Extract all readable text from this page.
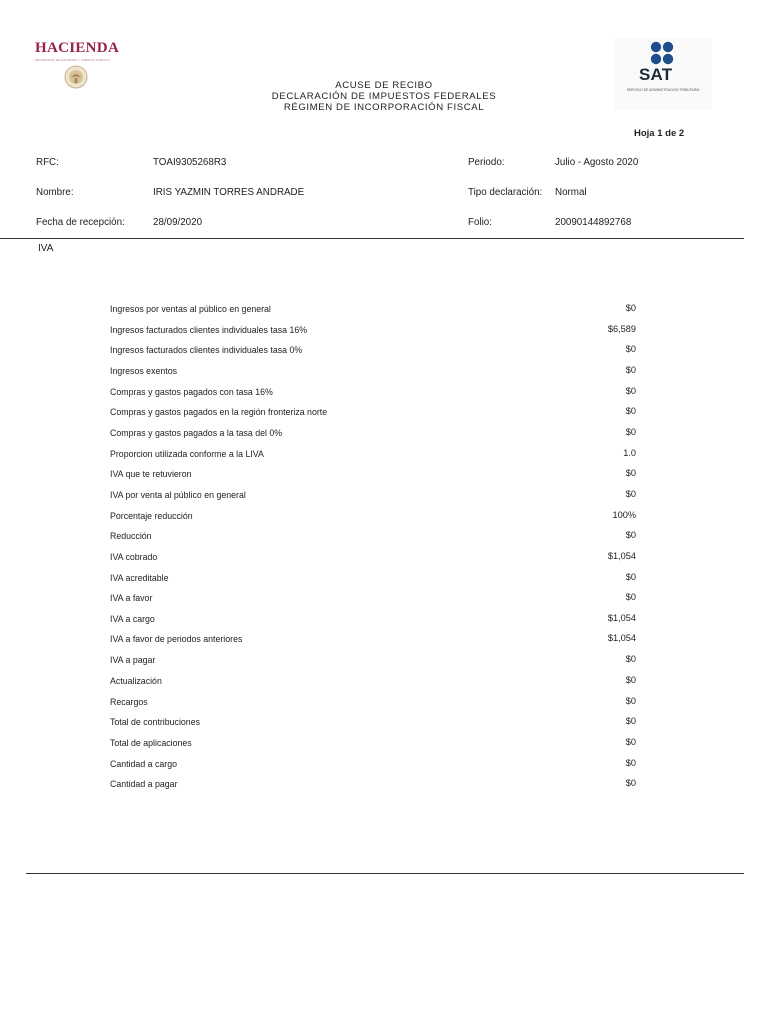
HACIENDA
SECRETARÍA DE HACIENDA Y CRÉDITO PÚBLICO
SAT
SERVICIO DE ADMINISTRACIÓN TRIBUTARIA
ACUSE DE RECIBO
DECLARACIÓN DE IMPUESTOS FEDERALES
RÉGIMEN DE INCORPORACIÓN FISCAL
Hoja 1 de 2
RFC:	TOAI9305268R3	Periodo:	Julio - Agosto 2020
Nombre:	IRIS YAZMIN TORRES ANDRADE	Tipo declaración: Normal
Fecha de recepción:	28/09/2020	Folio:	20090144892768
IVA
Ingresos por ventas al público en general	$0
Ingresos facturados clientes individuales tasa 16%	$6,589
Ingresos facturados clientes individuales tasa 0%	$0
Ingresos exentos	$0
Compras y gastos pagados con tasa 16%	$0
Compras y gastos pagados en la región fronteriza norte	$0
Compras y gastos pagados a la tasa del 0%	$0
Proporcion utilizada conforme a la LIVA	1.0
IVA que te retuvieron	$0
IVA por venta al público en general	$0
Porcentaje reducción	100%
Reducción	$0
IVA cobrado	$1,054
IVA acreditable	$0
IVA a favor	$0
IVA a cargo	$1,054
IVA a favor de periodos anteriores	$1,054
IVA a pagar	$0
Actualización	$0
Recargos	$0
Total de contribuciones	$0
Total de aplicaciones	$0
Cantidad a cargo	$0
Cantidad a pagar	$0
